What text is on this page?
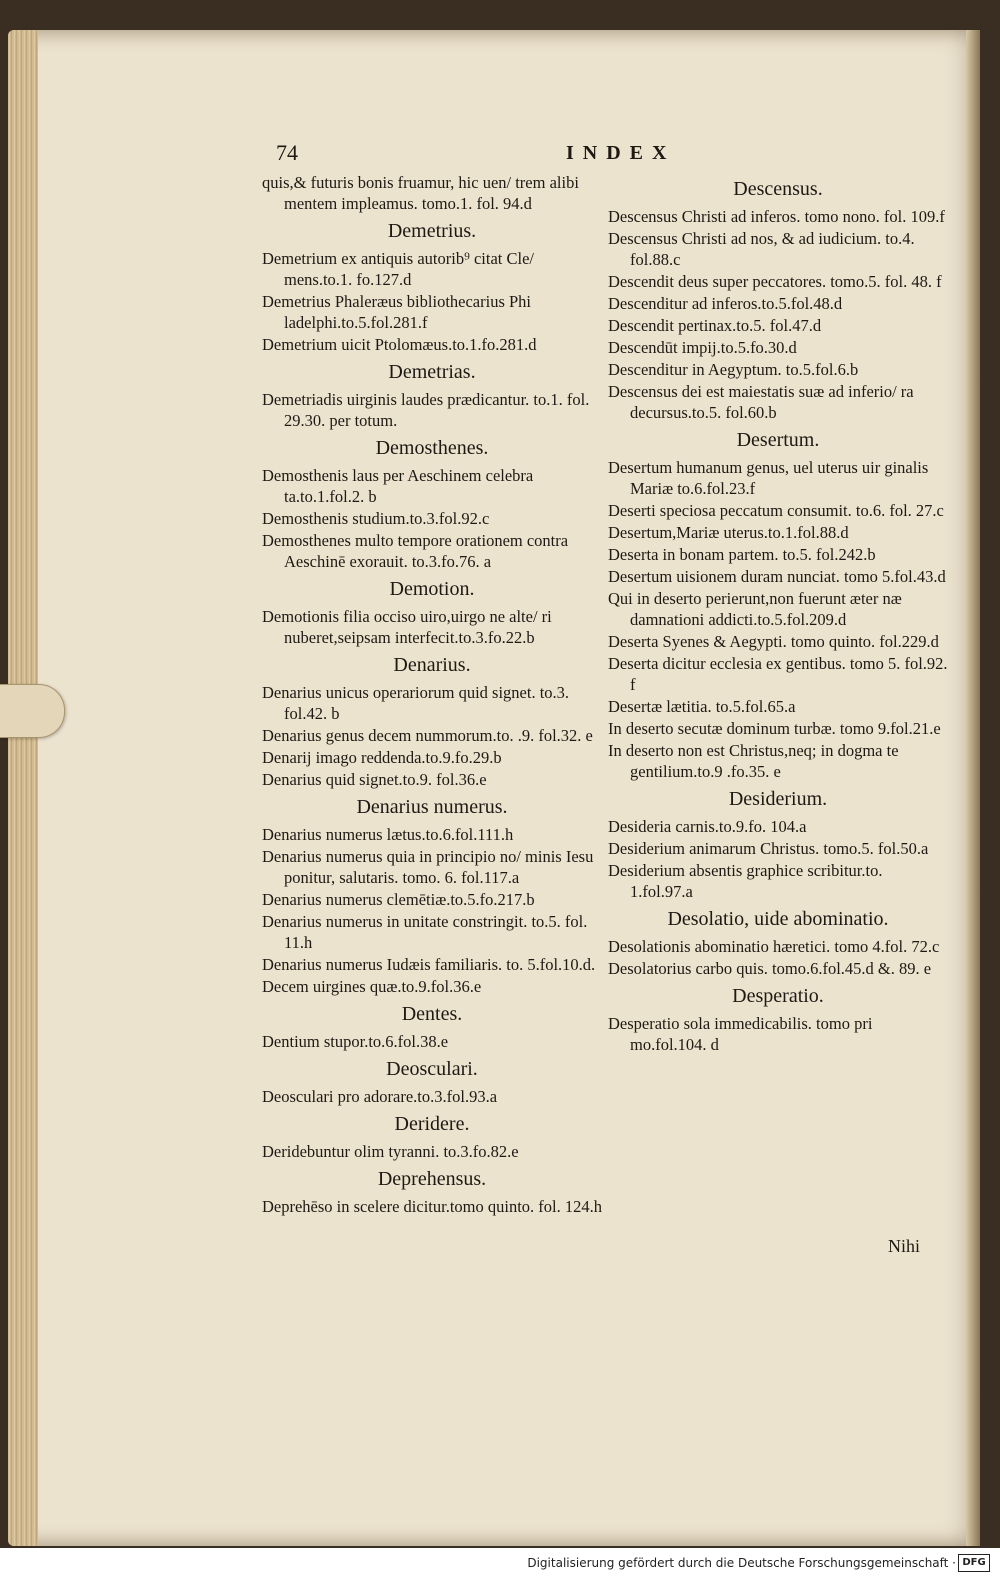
74	INDEX
quis,& futuris bonis fruamur, hic uen/ trem alibi mentem impleamus. tomo.1. fol. 94.d
Demetrius.
Demetrium ex antiquis autorib⁹ citat Cle/ mens.to.1. fo.127.d
Demetrius Phaleræus bibliothecarius Phi ladelphi.to.5.fol.281.f
Demetrium uicit Ptolomæus.to.1.fo.281.d
Demetrias.
Demetriadis uirginis laudes prædicantur. to.1. fol. 29.30. per totum.
Demosthenes.
Demosthenis laus per Aeschinem celebra ta.to.1.fol.2. b
Demosthenis studium.to.3.fol.92.c
Demosthenes multo tempore orationem contra Aeschinē exorauit. to.3.fo.76. a
Demotion.
Demotionis filia occiso uiro,uirgo ne alte/ ri nuberet,seipsam interfecit.to.3.fo.22.b
Denarius.
Denarius unicus operariorum quid signet. to.3. fol.42. b
Denarius genus decem nummorum.to. .9. fol.32. e
Denarij imago reddenda.to.9.fo.29.b
Denarius quid signet.to.9. fol.36.e
Denarius numerus.
Denarius numerus lætus.to.6.fol.111.h
Denarius numerus quia in principio no/ minis Iesu ponitur, salutaris. tomo. 6. fol.117.a
Denarius numerus clemētiæ.to.5.fo.217.b
Denarius numerus in unitate constringit. to.5. fol. 11.h
Denarius numerus Iudæis familiaris. to. 5.fol.10.d.
Decem uirgines quæ.to.9.fol.36.e
Dentes.
Dentium stupor.to.6.fol.38.e
Deosculari.
Deosculari pro adorare.to.3.fol.93.a
Deridere.
Deridebuntur olim tyranni. to.3.fo.82.e
Deprehensus.
Deprehēso in scelere dicitur.tomo quinto. fol. 124.h
Descensus.
Descensus Christi ad inferos. tomo nono. fol. 109.f
Descensus Christi ad nos, & ad iudicium. to.4. fol.88.c
Descendit deus super peccatores. tomo.5. fol. 48. f
Descenditur ad inferos.to.5.fol.48.d
Descendit pertinax.to.5. fol.47.d
Descendūt impij.to.5.fo.30.d
Descenditur in Aegyptum. to.5.fol.6.b
Descensus dei est maiestatis suæ ad inferio/ ra decursus.to.5. fol.60.b
Desertum.
Desertum humanum genus, uel uterus uir ginalis Mariæ to.6.fol.23.f
Deserti speciosa peccatum consumit. to.6. fol. 27.c
Desertum,Mariæ uterus.to.1.fol.88.d
Deserta in bonam partem. to.5. fol.242.b
Desertum uisionem duram nunciat. tomo 5.fol.43.d
Qui in deserto perierunt,non fuerunt æter næ damnationi addicti.to.5.fol.209.d
Deserta Syenes & Aegypti. tomo quinto. fol.229.d
Deserta dicitur ecclesia ex gentibus. tomo 5. fol.92. f
Desertæ lætitia. to.5.fol.65.a
In deserto secutæ dominum turbæ. tomo 9.fol.21.e
In deserto non est Christus,neq; in dogma te gentilium.to.9 .fo.35. e
Desiderium.
Desideria carnis.to.9.fo. 104.a
Desiderium animarum Christus. tomo.5. fol.50.a
Desiderium absentis graphice scribitur.to. 1.fol.97.a
Desolatio, uide abominatio.
Desolationis abominatio hæretici. tomo 4.fol. 72.c
Desolatorius carbo quis. tomo.6.fol.45.d &. 89. e
Desperatio.
Desperatio sola immedicabilis. tomo pri mo.fol.104. d
Nihi
Digitalisierung gefördert durch die Deutsche Forschungsgemeinschaft · DFG
